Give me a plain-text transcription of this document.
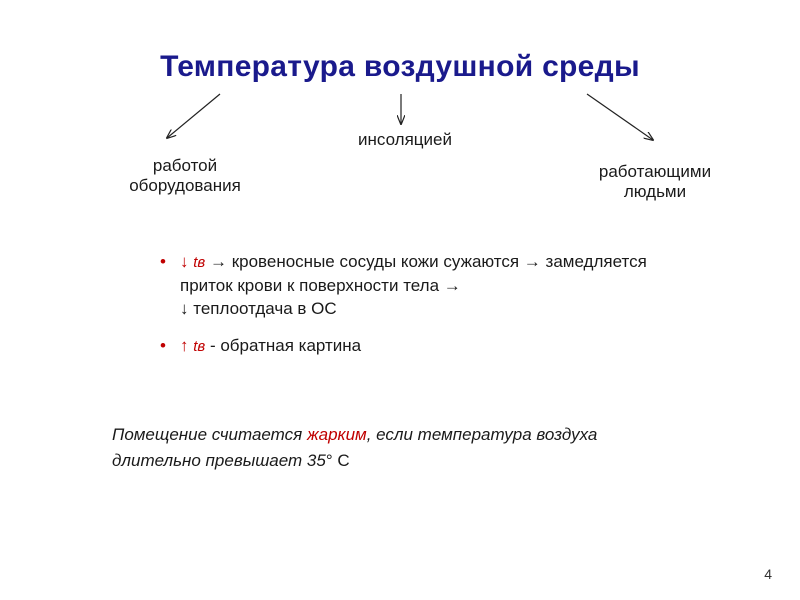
Температура воздушной среды
работой
оборудования
инсоляцией
работающими
людьми
• ↓ tв → кровеносные сосуды кожи сужаются → замедляется
приток крови к поверхности тела →
↓ теплоотдача в ОС
• ↑ tв - обратная картина
Помещение считается жарким, если температура воздуха
длительно превышает 35° C
4
